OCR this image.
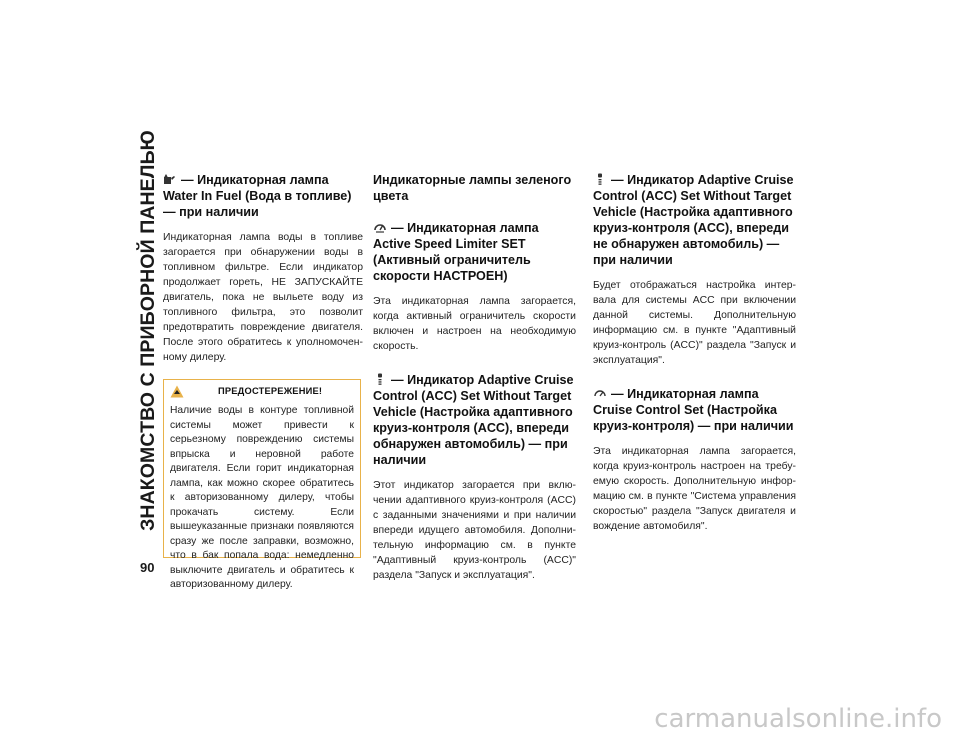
ЗНАКОМСТВО С ПРИБОРНОЙ ПАНЕЛЬЮ
90
— Индикаторная лампа Water In Fuel (Вода в топливе) — при наличии

Индикаторная лампа воды в топливе загорается при обнаружении воды в топливном фильтре. Если индикатор продолжает гореть, НЕ ЗАПУСКАЙТЕ двигатель, пока не выльете воду из топливного фильтра, это позволит предотвратить повреждение двигателя. После этого обратитесь к уполномочен-ному дилеру.

ПРЕДОСТЕРЕЖЕНИЕ!

Наличие воды в контуре топливной системы может привести к серьезному повреждению системы впрыска и неровной работе двигателя. Если горит индикаторная лампа, как можно скорее обратитесь к авторизованному дилеру, чтобы прокачать систему. Если вышеуказанные признаки появляются сразу же после заправки, возможно, что в бак попала вода: немедленно выключите двигатель и обратитесь к авторизованному дилеру.

Индикаторные лампы зеленого цвета
— Индикаторная лампа Active Speed Limiter SET (Активный ограничитель скорости НАСТРОЕН)

Эта индикаторная лампа загорается, когда активный ограничитель скорости включен и настроен на необходимую скорость.

— Индикатор Adaptive Cruise Control (ACC) Set Without Target Vehicle (Настройка адаптивного круиз-контроля (ACC), впереди обнаружен автомобиль) — при наличии

Этот индикатор загорается при вклю-чении адаптивного круиз-контроля (ACC) с заданными значениями и при наличии впереди идущего автомобиля. Дополни-тельную информацию см. в пункте "Адаптивный круиз-контроль (ACC)" раздела "Запуск и эксплуатация".

— Индикатор Adaptive Cruise Control (ACC) Set Without Target Vehicle (Настройка адаптивного круиз-контроля (ACC), впереди не обнаружен автомобиль) — при наличии

Будет отображаться настройка интер-вала для системы ACC при включении данной системы. Дополнительную информацию см. в пункте "Адаптивный круиз-контроль (ACC)" раздела "Запуск и эксплуатация".

— Индикаторная лампа Cruise Control Set (Настройка круиз-контроля) — при наличии

Эта индикаторная лампа загорается, когда круиз-контроль настроен на требу-емую скорость. Дополнительную инфор-мацию см. в пункте "Система управления скоростью" раздела "Запуск двигателя и вождение автомобиля".

carmanualsonline.info
